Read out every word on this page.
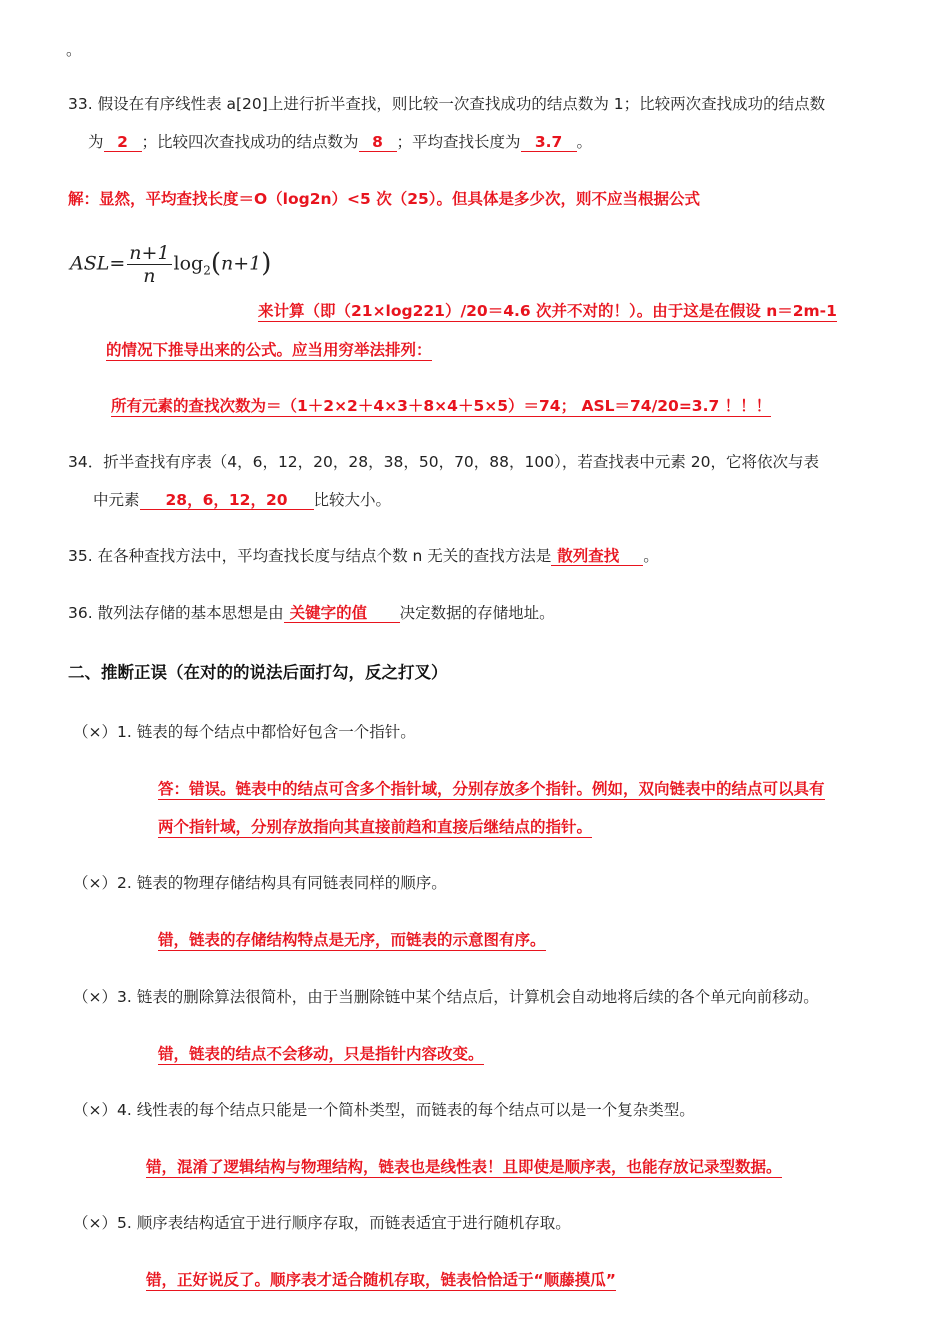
。
33. 假设在有序线性表 a[20]上进行折半查找，则比较一次查找成功的结点数为 1；比较两次查找成功的结点数
为 2 ；比较四次查找成功的结点数为 8 ；平均查找长度为 3.7 。
解：显然，平均查找长度＝O（log2n）<5 次（25）。但具体是多少次，则不应当根据公式
$ASL= \frac{n+1}{n} \log_2(n+1)$
来计算（即（21×log221）/20＝4.6 次并不对的！）。由于这是在假设 n＝2m-1
的情况下推导出来的公式。应当用穷举法排列：
所有元素的查找次数为＝（1＋2×2＋4×3＋8×4＋5×5）＝74； ASL＝74/20=3.7 ！！！
34．折半查找有序表（4，6，12，20，28，38，50，70，88，100），若查找表中元素 20，它将依次与表
中元素 28，6，12，20 比较大小。
35. 在各种查找方法中，平均查找长度与结点个数 n 无关的查找方法是 散列查找 。
36. 散列法存储的基本思想是由 关键字的值 决定数据的存储地址。
二、推断正误（在对的的说法后面打勾，反之打叉）
（×）1. 链表的每个结点中都恰好包含一个指针。
答：错误。链表中的结点可含多个指针域，分别存放多个指针。例如，双向链表中的结点可以具有
两个指针域，分别存放指向其直接前趋和直接后继结点的指针。
（×）2. 链表的物理存储结构具有同链表同样的顺序。
错，链表的存储结构特点是无序，而链表的示意图有序。
（×）3. 链表的删除算法很简朴，由于当删除链中某个结点后，计算机会自动地将后续的各个单元向前移动。
错，链表的结点不会移动，只是指针内容改变。
（×）4. 线性表的每个结点只能是一个简朴类型，而链表的每个结点可以是一个复杂类型。
错，混淆了逻辑结构与物理结构，链表也是线性表！且即使是顺序表，也能存放记录型数据。
（×）5. 顺序表结构适宜于进行顺序存取，而链表适宜于进行随机存取。
错，正好说反了。顺序表才适合随机存取，链表恰恰适于“顺藤摸瓜”
